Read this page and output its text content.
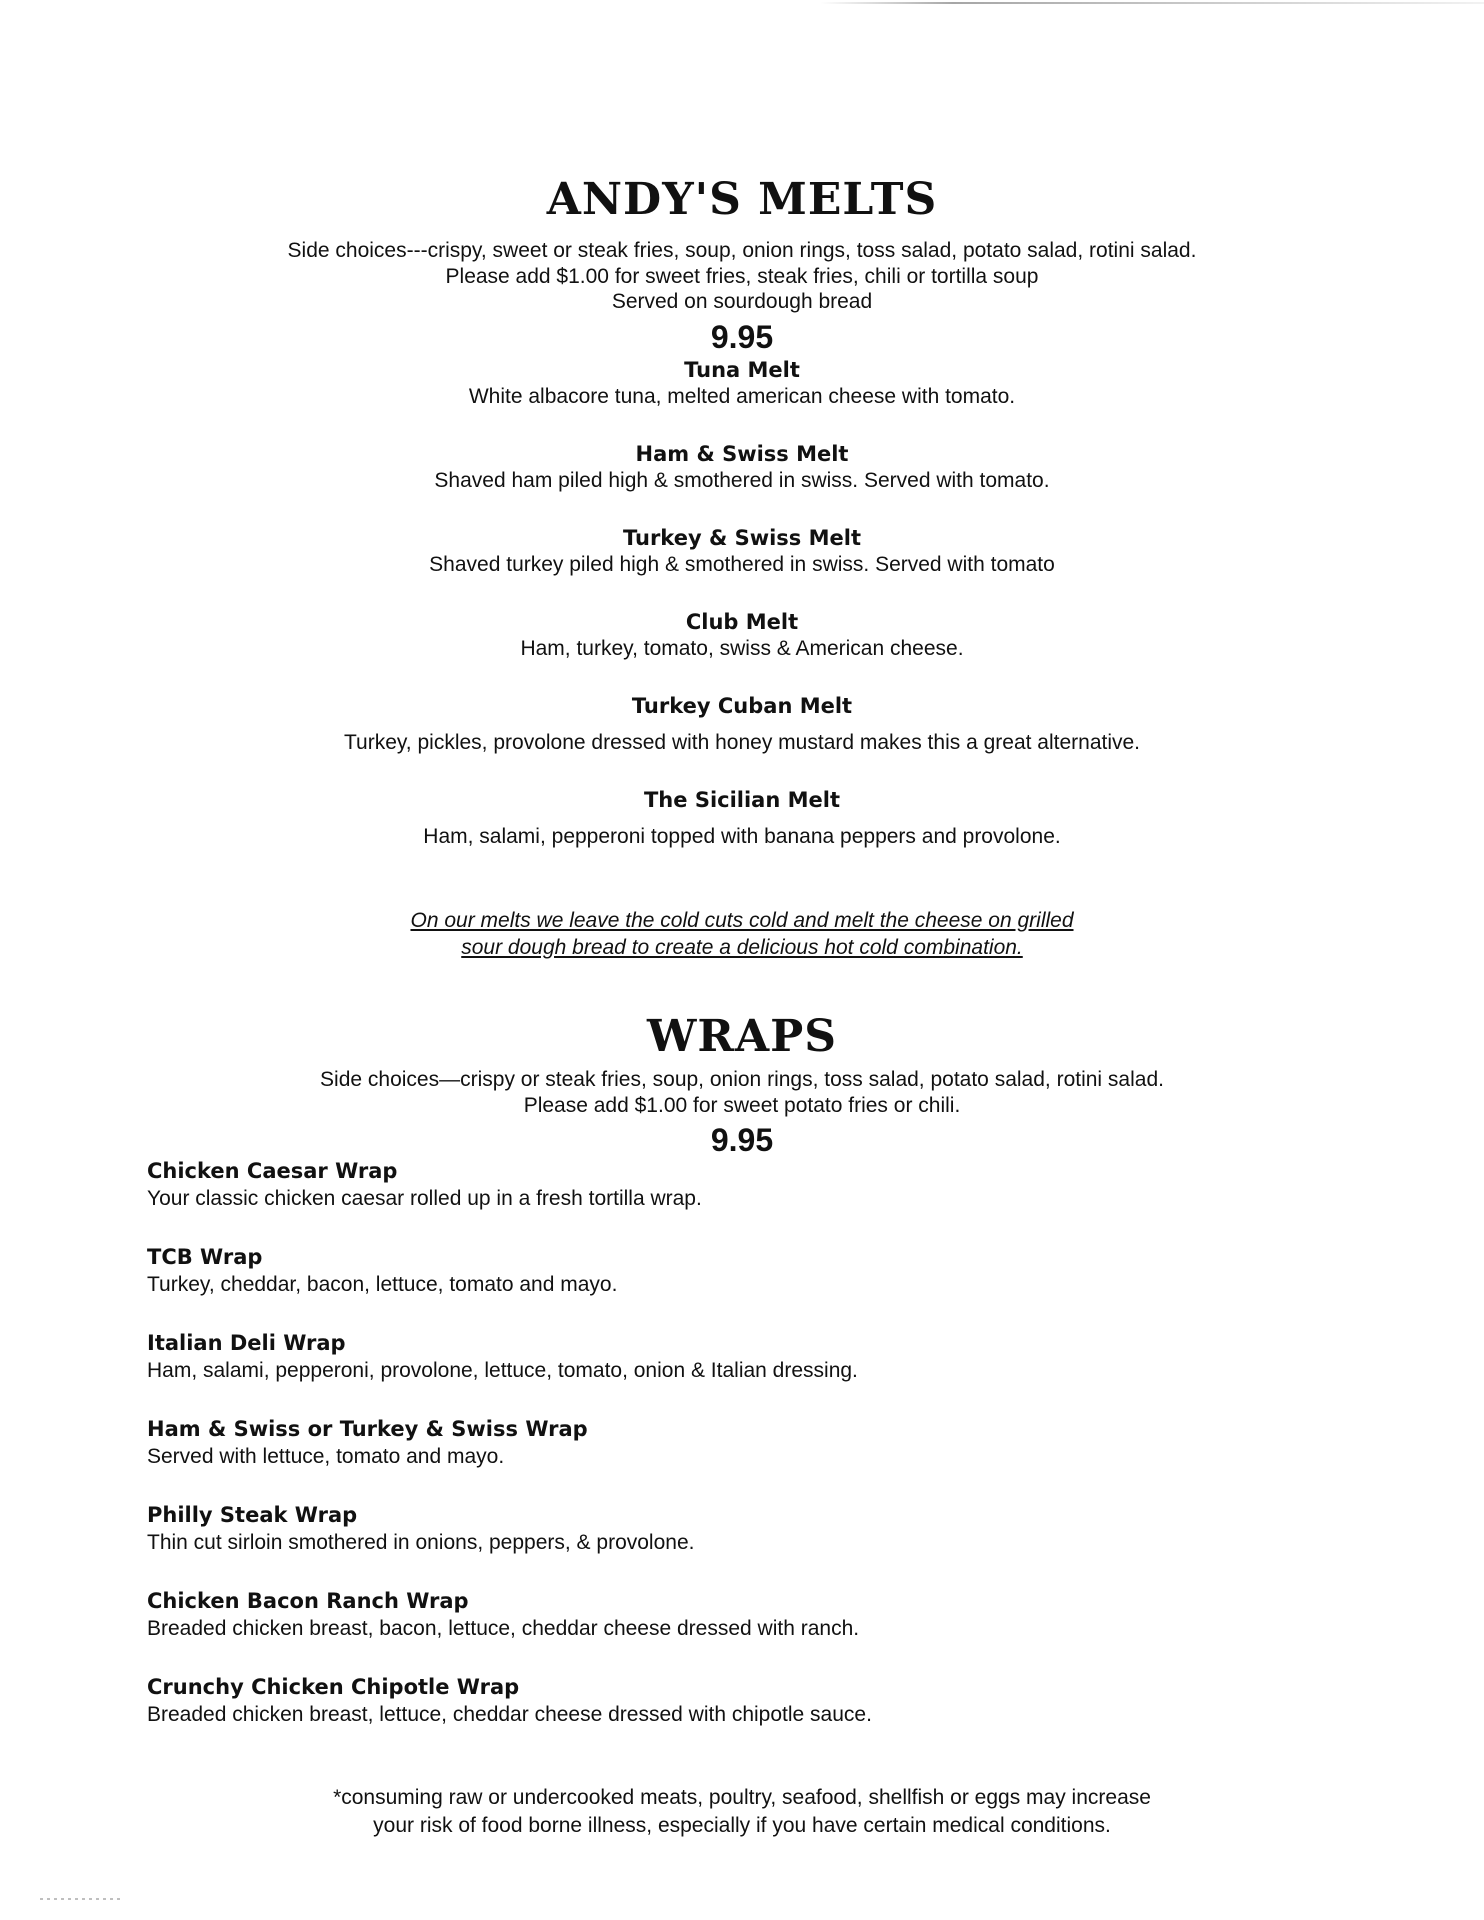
ANDY'S MELTS
Side choices---crispy, sweet or steak fries, soup, onion rings, toss salad, potato salad, rotini salad.
Please add $1.00 for sweet fries, steak fries, chili or tortilla soup
Served on sourdough bread
9.95
Tuna Melt
White albacore tuna, melted american cheese with tomato.
Ham & Swiss Melt
Shaved ham piled high & smothered in swiss. Served with tomato.
Turkey & Swiss Melt
Shaved turkey piled high & smothered in swiss. Served with tomato
Club Melt
Ham, turkey, tomato, swiss & American cheese.
Turkey Cuban Melt
Turkey, pickles, provolone dressed with honey mustard makes this a great alternative.
The Sicilian Melt
Ham, salami, pepperoni topped with banana peppers and provolone.
On our melts we leave the cold cuts cold and melt the cheese on grilled
sour dough bread to create a delicious hot cold combination.
WRAPS
Side choices—crispy or steak fries, soup, onion rings, toss salad, potato salad, rotini salad.
Please add $1.00 for sweet potato fries or chili.
9.95
Chicken Caesar Wrap
Your classic chicken caesar rolled up in a fresh tortilla wrap.
TCB Wrap
Turkey, cheddar, bacon, lettuce, tomato and mayo.
Italian Deli Wrap
Ham, salami, pepperoni, provolone, lettuce, tomato, onion & Italian dressing.
Ham & Swiss or Turkey & Swiss Wrap
Served with lettuce, tomato and mayo.
Philly Steak Wrap
Thin cut sirloin smothered in onions, peppers, & provolone.
Chicken Bacon Ranch Wrap
Breaded chicken breast, bacon, lettuce, cheddar cheese dressed with ranch.
Crunchy Chicken Chipotle Wrap
Breaded chicken breast, lettuce, cheddar cheese dressed with chipotle sauce.
*consuming raw or undercooked meats, poultry, seafood, shellfish or eggs may increase
your risk of food borne illness, especially if you have certain medical conditions.
